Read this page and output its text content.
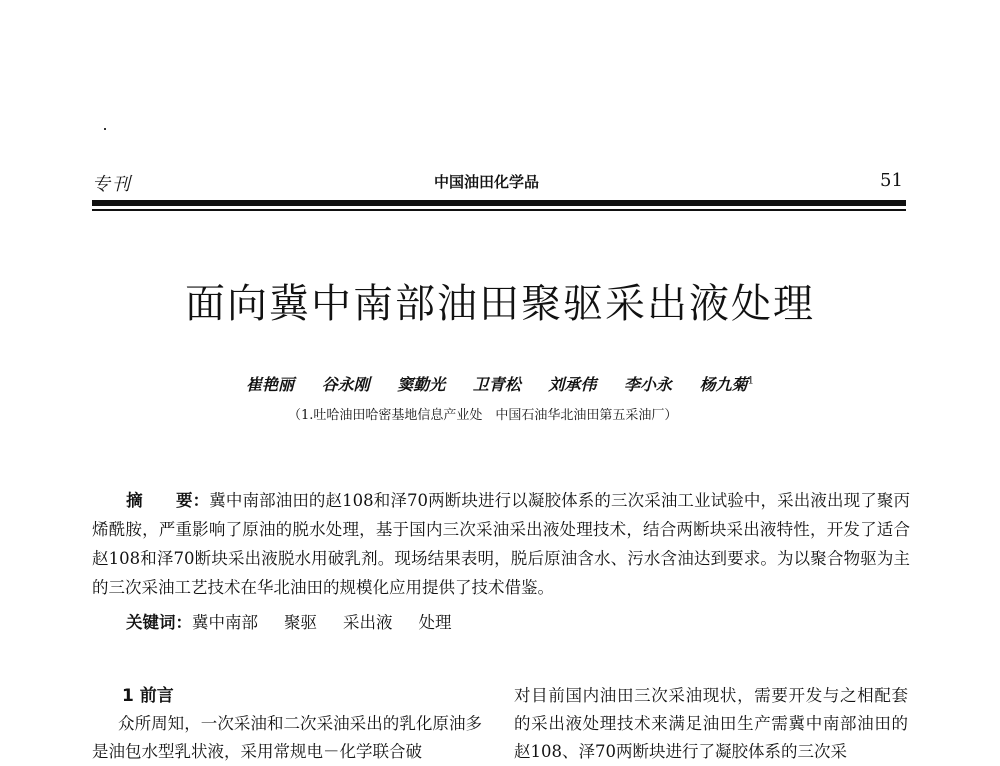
专刊	中国油田化学品	51
面向冀中南部油田聚驱采出液处理
崔艳丽 谷永刚 窦勤光 卫青松 刘承伟 李小永 杨九菊$^1$
（1.吐哈油田哈密基地信息产业处　中国石油华北油田第五采油厂）
摘　　要：冀中南部油田的赵108和泽70两断块进行以凝胶体系的三次采油工业试验中，采出液出现了聚丙烯酰胺，严重影响了原油的脱水处理，基于国内三次采油采出液处理技术，结合两断块采出液特性，开发了适合赵108和泽70断块采出液脱水用破乳剂。现场结果表明，脱后原油含水、污水含油达到要求。为以聚合物驱为主的三次采油工艺技术在华北油田的规模化应用提供了技术借鉴。
关键词：冀中南部 聚驱 采出液 处理
1 前言
众所周知，一次采油和二次采油采出的乳化原油多是油包水型乳状液，采用常规电－化学联合破
对目前国内油田三次采油现状，需要开发与之相配套的采出液处理技术来满足油田生产需冀中南部油田的赵108、泽70两断块进行了凝胶体系的三次采
